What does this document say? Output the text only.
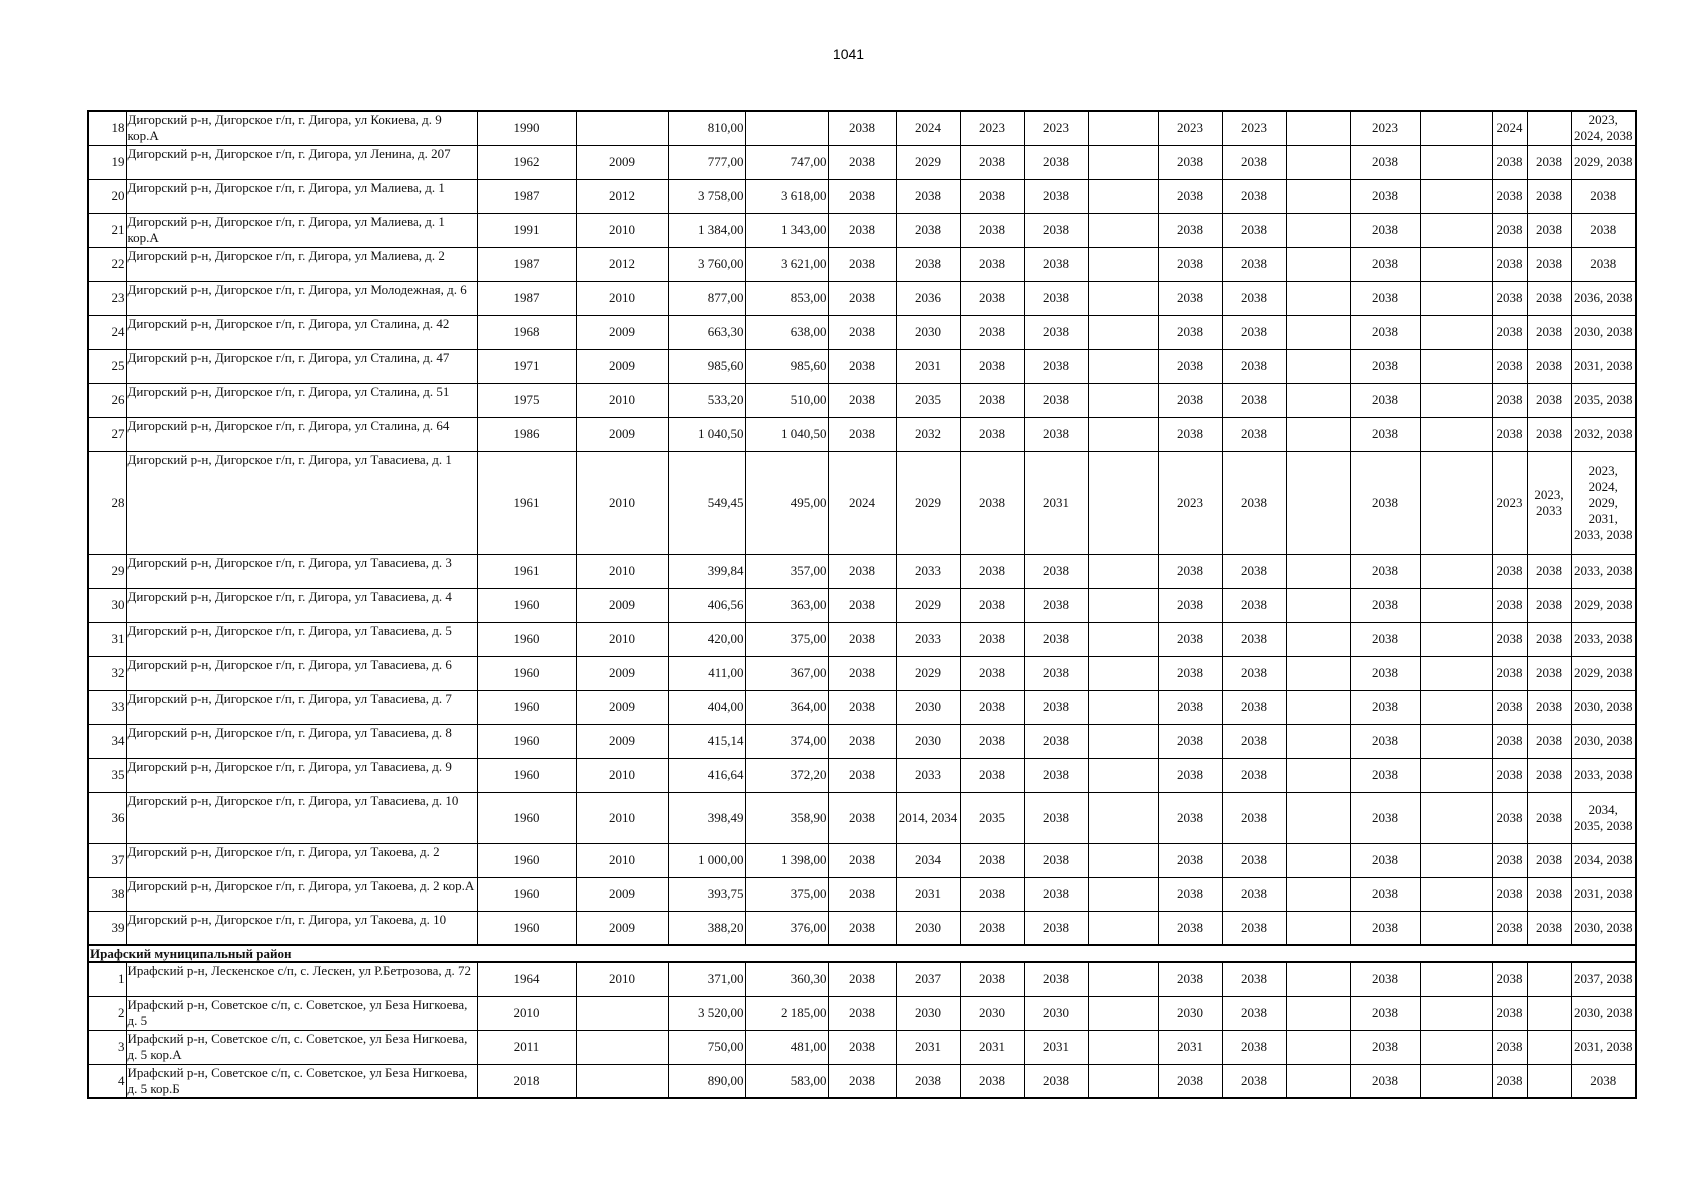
1041
18	Дигорский р-н, Дигорское г/п, г. Дигора, ул Кокиева, д. 9 кор.А	1990		810,00		2038	2024	2023	2023		2023	2023		2023		2024		2023, 2024, 2038
19	Дигорский р-н, Дигорское г/п, г. Дигора, ул Ленина, д. 207	1962	2009	777,00	747,00	2038	2029	2038	2038		2038	2038		2038		2038	2038	2029, 2038
20	Дигорский р-н, Дигорское г/п, г. Дигора, ул Малиева, д. 1	1987	2012	3 758,00	3 618,00	2038	2038	2038	2038		2038	2038		2038		2038	2038	2038
21	Дигорский р-н, Дигорское г/п, г. Дигора, ул Малиева, д. 1 кор.А	1991	2010	1 384,00	1 343,00	2038	2038	2038	2038		2038	2038		2038		2038	2038	2038
22	Дигорский р-н, Дигорское г/п, г. Дигора, ул Малиева, д. 2	1987	2012	3 760,00	3 621,00	2038	2038	2038	2038		2038	2038		2038		2038	2038	2038
23	Дигорский р-н, Дигорское г/п, г. Дигора, ул Молодежная, д. 6	1987	2010	877,00	853,00	2038	2036	2038	2038		2038	2038		2038		2038	2038	2036, 2038
24	Дигорский р-н, Дигорское г/п, г. Дигора, ул Сталина, д. 42	1968	2009	663,30	638,00	2038	2030	2038	2038		2038	2038		2038		2038	2038	2030, 2038
25	Дигорский р-н, Дигорское г/п, г. Дигора, ул Сталина, д. 47	1971	2009	985,60	985,60	2038	2031	2038	2038		2038	2038		2038		2038	2038	2031, 2038
26	Дигорский р-н, Дигорское г/п, г. Дигора, ул Сталина, д. 51	1975	2010	533,20	510,00	2038	2035	2038	2038		2038	2038		2038		2038	2038	2035, 2038
27	Дигорский р-н, Дигорское г/п, г. Дигора, ул Сталина, д. 64	1986	2009	1 040,50	1 040,50	2038	2032	2038	2038		2038	2038		2038		2038	2038	2032, 2038
28	Дигорский р-н, Дигорское г/п, г. Дигора, ул Тавасиева, д. 1	1961	2010	549,45	495,00	2024	2029	2038	2031		2023	2038		2038		2023	2023, 2033	2023, 2024, 2029, 2031, 2033, 2038
29	Дигорский р-н, Дигорское г/п, г. Дигора, ул Тавасиева, д. 3	1961	2010	399,84	357,00	2038	2033	2038	2038		2038	2038		2038		2038	2038	2033, 2038
30	Дигорский р-н, Дигорское г/п, г. Дигора, ул Тавасиева, д. 4	1960	2009	406,56	363,00	2038	2029	2038	2038		2038	2038		2038		2038	2038	2029, 2038
31	Дигорский р-н, Дигорское г/п, г. Дигора, ул Тавасиева, д. 5	1960	2010	420,00	375,00	2038	2033	2038	2038		2038	2038		2038		2038	2038	2033, 2038
32	Дигорский р-н, Дигорское г/п, г. Дигора, ул Тавасиева, д. 6	1960	2009	411,00	367,00	2038	2029	2038	2038		2038	2038		2038		2038	2038	2029, 2038
33	Дигорский р-н, Дигорское г/п, г. Дигора, ул Тавасиева, д. 7	1960	2009	404,00	364,00	2038	2030	2038	2038		2038	2038		2038		2038	2038	2030, 2038
34	Дигорский р-н, Дигорское г/п, г. Дигора, ул Тавасиева, д. 8	1960	2009	415,14	374,00	2038	2030	2038	2038		2038	2038		2038		2038	2038	2030, 2038
35	Дигорский р-н, Дигорское г/п, г. Дигора, ул Тавасиева, д. 9	1960	2010	416,64	372,20	2038	2033	2038	2038		2038	2038		2038		2038	2038	2033, 2038
36	Дигорский р-н, Дигорское г/п, г. Дигора, ул Тавасиева, д. 10	1960	2010	398,49	358,90	2038	2014, 2034	2035	2038		2038	2038		2038		2038	2038	2034, 2035, 2038
37	Дигорский р-н, Дигорское г/п, г. Дигора, ул Такоева, д. 2	1960	2010	1 000,00	1 398,00	2038	2034	2038	2038		2038	2038		2038		2038	2038	2034, 2038
38	Дигорский р-н, Дигорское г/п, г. Дигора, ул Такоева, д. 2 кор.А	1960	2009	393,75	375,00	2038	2031	2038	2038		2038	2038		2038		2038	2038	2031, 2038
39	Дигорский р-н, Дигорское г/п, г. Дигора, ул Такоева, д. 10	1960	2009	388,20	376,00	2038	2030	2038	2038		2038	2038		2038		2038	2038	2030, 2038
Ирафский муниципальный район																		
1	Ирафский р-н, Лескенское с/п, с. Лескен, ул Р.Бетрозова, д. 72	1964	2010	371,00	360,30	2038	2037	2038	2038		2038	2038		2038		2038		2037, 2038
2	Ирафский р-н, Советское с/п, с. Советское, ул Беза Нигкоева, д. 5	2010		3 520,00	2 185,00	2038	2030	2030	2030		2030	2038		2038		2038		2030, 2038
3	Ирафский р-н, Советское с/п, с. Советское, ул Беза Нигкоева, д. 5 кор.А	2011		750,00	481,00	2038	2031	2031	2031		2031	2038		2038		2038		2031, 2038
4	Ирафский р-н, Советское с/п, с. Советское, ул Беза Нигкоева, д. 5 кор.Б	2018		890,00	583,00	2038	2038	2038	2038		2038	2038		2038		2038		2038
